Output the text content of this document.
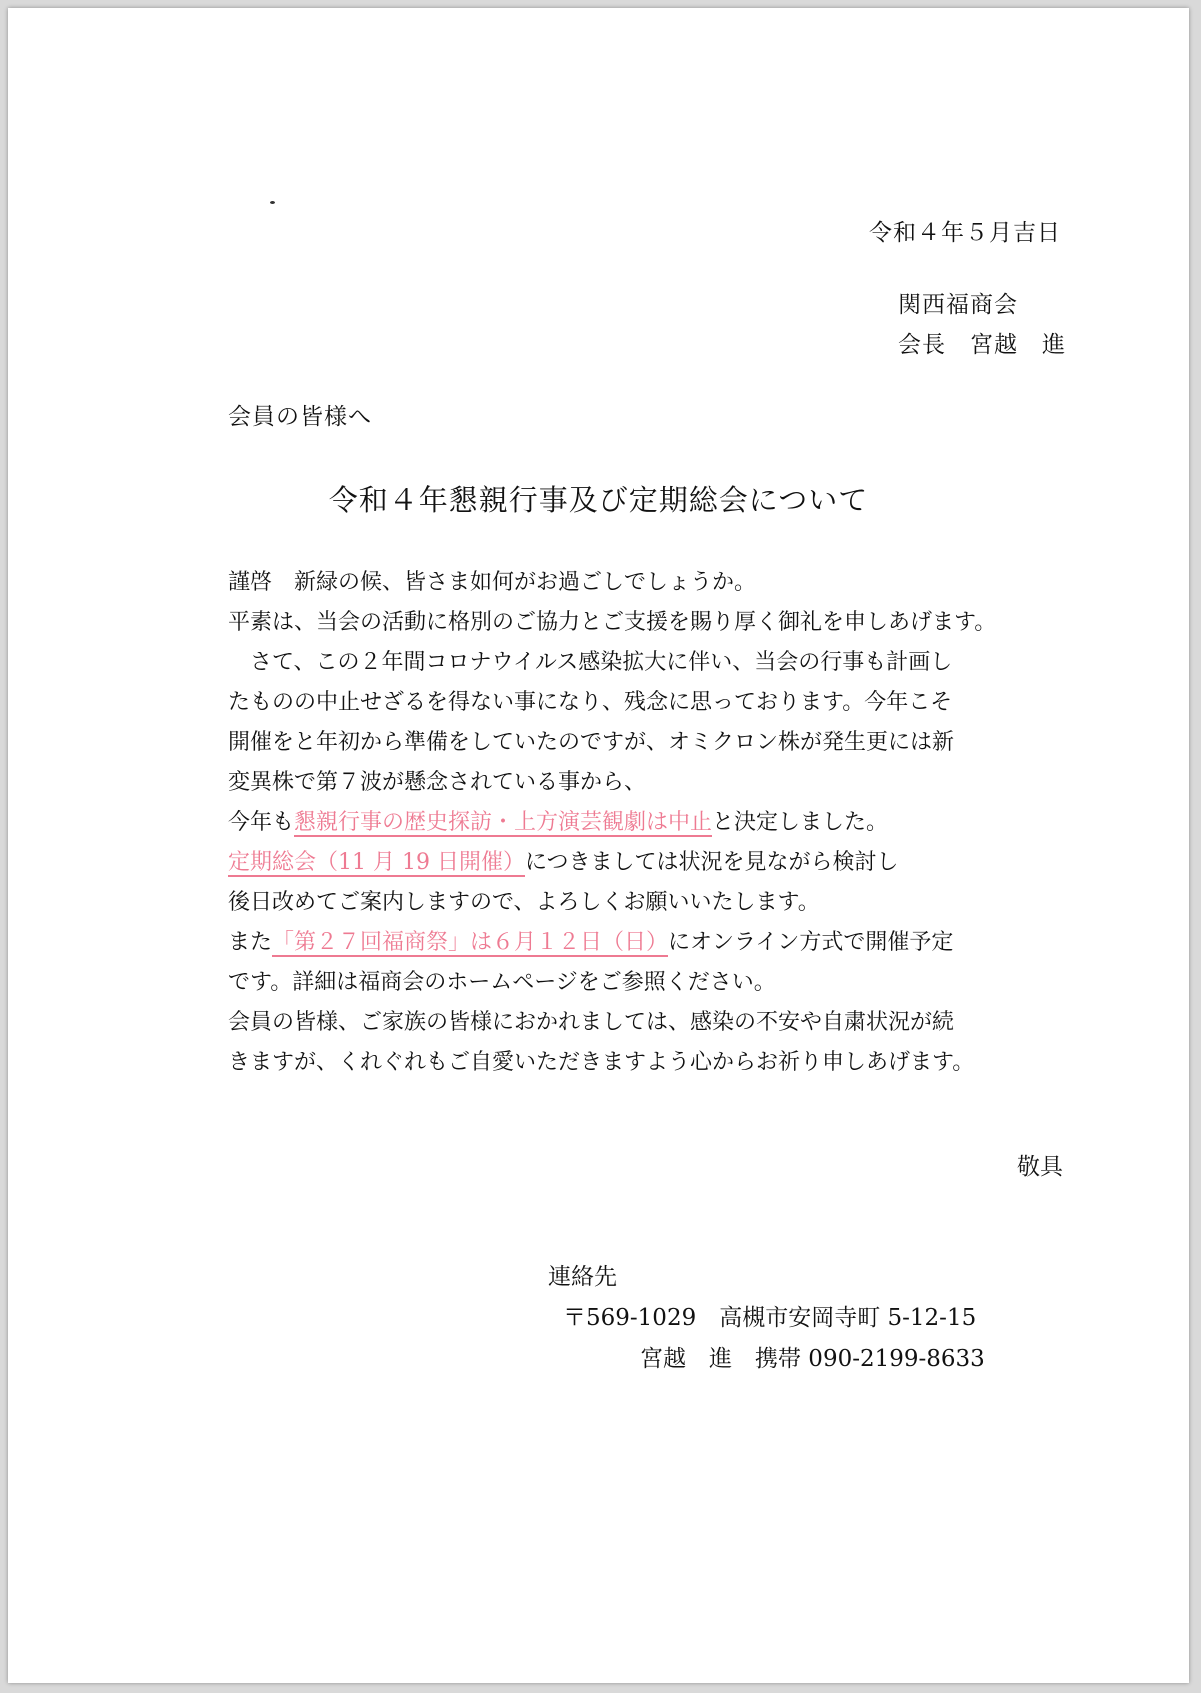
令和４年５月吉日
関西福商会
会長　宮越　進
会員の皆様へ
令和４年懇親行事及び定期総会について
謹啓　新緑の候、皆さま如何がお過ごしでしょうか。
平素は、当会の活動に格別のご協力とご支援を賜り厚く御礼を申しあげます。
　さて、この２年間コロナウイルス感染拡大に伴い、当会の行事も計画し
たものの中止せざるを得ない事になり、残念に思っております。今年こそ
開催をと年初から準備をしていたのですが、オミクロン株が発生更には新
変異株で第７波が懸念されている事から、
今年も懇親行事の歴史探訪・上方演芸観劇は中止と決定しました。
定期総会（11 月 19 日開催）につきましては状況を見ながら検討し
後日改めてご案内しますので、よろしくお願いいたします。
また「第２７回福商祭」は６月１２日（日）にオンライン方式で開催予定
です。詳細は福商会のホームページをご参照ください。
会員の皆様、ご家族の皆様におかれましては、感染の不安や自粛状況が続
きますが、くれぐれもご自愛いただきますよう心からお祈り申しあげます。
敬具
連絡先
〒569-1029　高槻市安岡寺町 5-12-15
宮越　進　携帯 090-2199-8633
